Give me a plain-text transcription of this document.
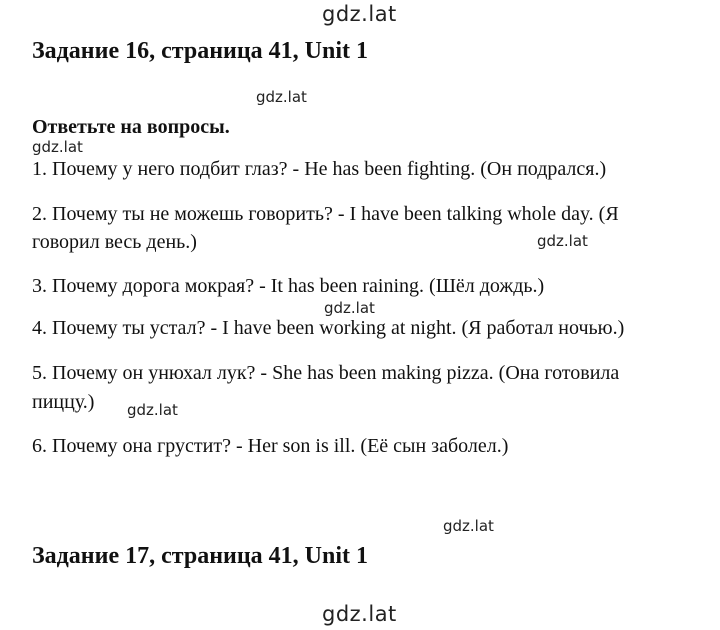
gdz.lat
gdz.lat
gdz.lat
gdz.lat
gdz.lat
gdz.lat
gdz.lat
gdz.lat
Задание 16, страница 41, Unit 1
Ответьте на вопросы.
1. Почему у него подбит глаз? - He has been fighting. (Он подрался.)
2. Почему ты не можешь говорить? - I have been talking whole day. (Я
говорил весь день.)
3. Почему дорога мокрая? - It has been raining. (Шёл дождь.)
4. Почему ты устал? - I have been working at night. (Я работал ночью.)
5. Почему он унюхал лук? - She has been making pizza. (Она готовила
пиццу.)
6. Почему она грустит? - Her son is ill. (Её сын заболел.)
Задание 17, страница 41, Unit 1
